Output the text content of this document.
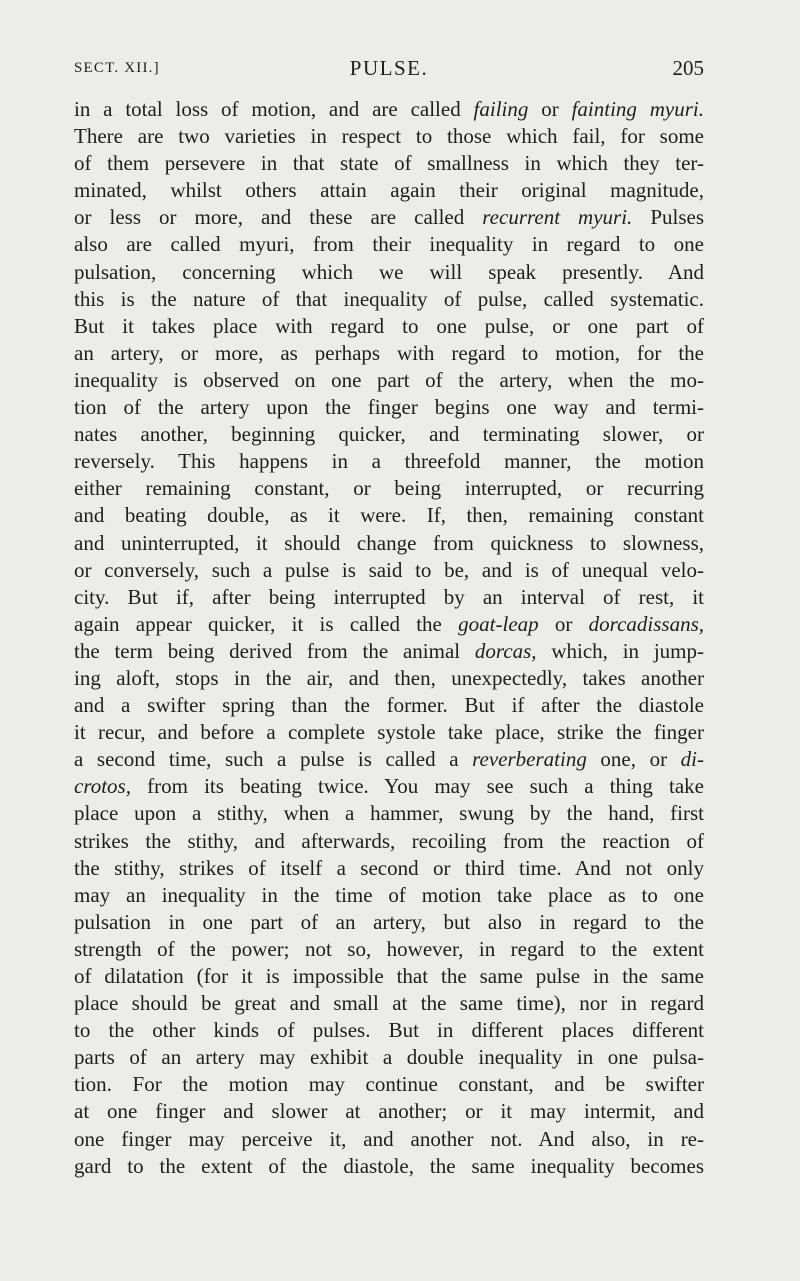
SECT. XII.]	PULSE.	205
in a total loss of motion, and are called failing or fainting myuri.
There are two varieties in respect to those which fail, for some
of them persevere in that state of smallness in which they ter-
minated, whilst others attain again their original magnitude,
or less or more, and these are called recurrent myuri. Pulses
also are called myuri, from their inequality in regard to one
pulsation, concerning which we will speak presently. And
this is the nature of that inequality of pulse, called systematic.
But it takes place with regard to one pulse, or one part of
an artery, or more, as perhaps with regard to motion, for the
inequality is observed on one part of the artery, when the mo-
tion of the artery upon the finger begins one way and termi-
nates another, beginning quicker, and terminating slower, or
reversely. This happens in a threefold manner, the motion
either remaining constant, or being interrupted, or recurring
and beating double, as it were. If, then, remaining constant
and uninterrupted, it should change from quickness to slowness,
or conversely, such a pulse is said to be, and is of unequal velo-
city. But if, after being interrupted by an interval of rest, it
again appear quicker, it is called the goat-leap or dorcadissans,
the term being derived from the animal dorcas, which, in jump-
ing aloft, stops in the air, and then, unexpectedly, takes another
and a swifter spring than the former. But if after the diastole
it recur, and before a complete systole take place, strike the finger
a second time, such a pulse is called a reverberating one, or di-
crotos, from its beating twice. You may see such a thing take
place upon a stithy, when a hammer, swung by the hand, first
strikes the stithy, and afterwards, recoiling from the reaction of
the stithy, strikes of itself a second or third time. And not only
may an inequality in the time of motion take place as to one
pulsation in one part of an artery, but also in regard to the
strength of the power; not so, however, in regard to the extent
of dilatation (for it is impossible that the same pulse in the same
place should be great and small at the same time), nor in regard
to the other kinds of pulses. But in different places different
parts of an artery may exhibit a double inequality in one pulsa-
tion. For the motion may continue constant, and be swifter
at one finger and slower at another; or it may intermit, and
one finger may perceive it, and another not. And also, in re-
gard to the extent of the diastole, the same inequality becomes
